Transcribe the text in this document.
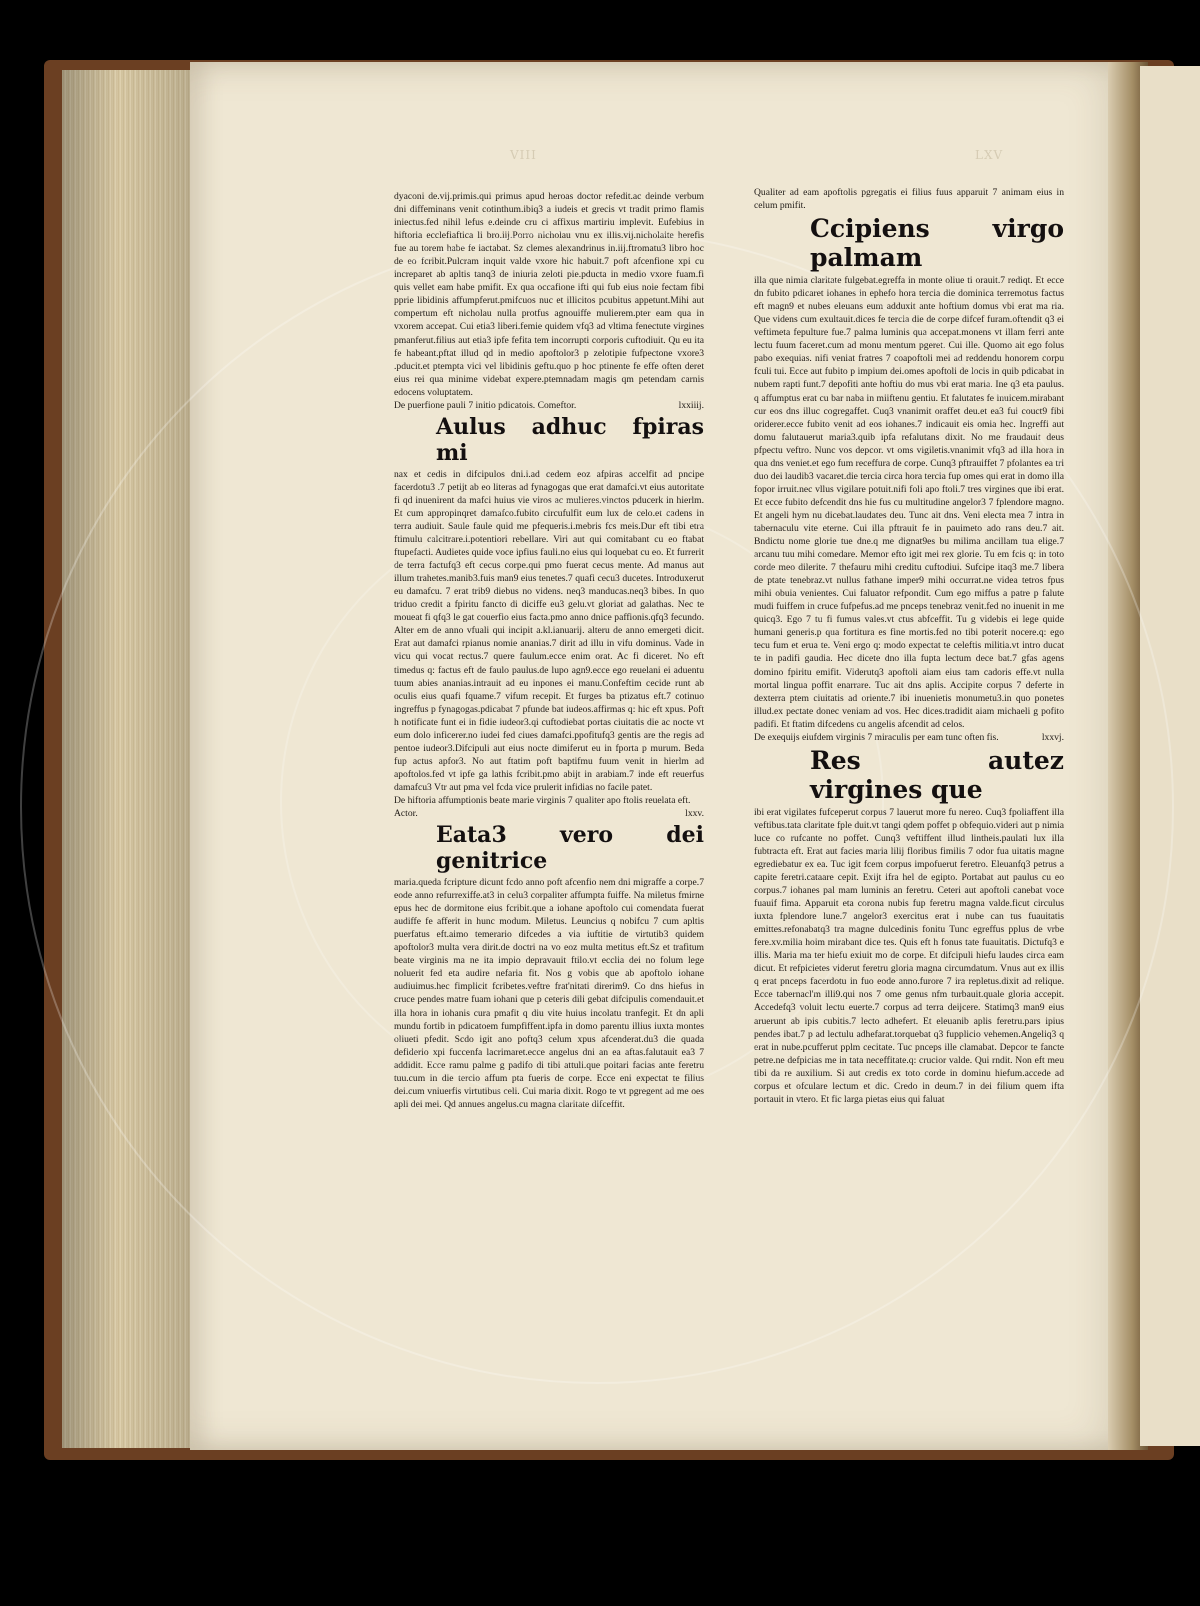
VIII	LXV

dyaconi de.vij.primis.qui primus apud heroas doctor refedit.ac deinde verbum dni diffeminans venit cotinthum.ibiq3 a iudeis et grecis vt tradit primo flamis iniectus.fed nihil lefus e.deinde cru ci affixus martiriu implevit. Eufebius in hiftoria ecclefiaftica li bro.iij.Porro nicholau vnu ex illis.vij.nicholaite herefis fue au torem habe fe iactabat. Sz clemes alexandrinus in.iij.ftromatu3 libro hoc de eo fcribit.Pulcram inquit valde vxore hic habuit.7 poft afcenfione xpi cu increparet ab apltis tanq3 de iniuria zeloti pie.pducta in medio vxore fuam.fi quis vellet eam habe pmifit. Ex qua occafione ifti qui fub eius noie fectam fibi pprie libidinis affumpferut.pmifcuos nuc et illicitos pcubitus appetunt.Mihi aut compertum eft nicholau nulla protfus agnouiffe mulierem.pter eam qua in vxorem accepat. Cui etia3 liberi.femie quidem vfq3 ad vltima fenectute virgines pmanferut.filius aut etia3 ipfe fefita tem incorrupti corporis cuftodiuit. Qu eu ita fe habeant.pftat illud qd in medio apoftolor3 p zelotipie fufpectone vxore3 .pducit.et ptempta vici vel libidinis geftu.quo p hoc ptinente fe effe often deret eius rei qua minime videbat expere.ptemnadam magis qm petendam carnis edocens voluptatem.

De puerfione pauli 7 initio pdicatois. Comeftor.	lxxiiij.

Aulus adhuc fpiras mi

nax et cedis in difcipulos dni.i.ad cedem eoz afpiras accelfit ad pncipe facerdotu3 .7 petijt ab eo literas ad fynagogas que erat damafci.vt eius autoritate fi qd inuenirent da mafci huius vie viros ac mulieres.vinctos pducerk in hierlm. Et cum appropinqret damafco.fubito circufulfit eum lux de celo.et cadens in terra audiuit. Saule faule quid me pfequeris.i.mebris fcs meis.Dur eft tibi etra ftimulu calcitrare.i.potentiori rebellare. Viri aut qui comitabant cu eo ftabat ftupefacti. Audietes quide voce ipfius fauli.no eius qui loquebat cu eo. Et furrerit de terra factufq3 eft cecus corpe.qui pmo fuerat cecus mente. Ad manus aut illum trahetes.manib3.fuis man9 eius tenetes.7 quafi cecu3 ducetes. Introduxerut eu damafcu. 7 erat trib9 diebus no videns. neq3 manducas.neq3 bibes. In quo triduo credit a fpiritu fancto di diciffe eu3 gelu.vt gloriat ad galathas. Nec te moueat fi qfq3 le gat couerfio eius facta.pmo anno dnice paffionis.qfq3 fecundo. Alter em de anno vfuali qui incipit a.kl.ianuarij. alteru de anno emergeti dicit. Erat aut damafci rpianus nomie ananias.7 dirit ad illu in vifu dominus. Vade in vicu qui vocat rectus.7 quere faulum.ecce enim orat. Ac fi diceret. No eft timedus q: factus eft de faulo paulus.de lupo agn9.ecce ego reuelani ei aduentu tuum abies ananias.intrauit ad eu inpones ei manu.Confeftim cecide runt ab oculis eius quafi fquame.7 vifum recepit. Et furges ba ptizatus eft.7 cotinuo ingreffus p fynagogas.pdicabat 7 pfunde bat iudeos.affirmas q: hic eft xpus. Poft h notificate funt ei in fidie iudeor3.qi cuftodiebat portas ciuitatis die ac nocte vt eum dolo inficerer.no iudei fed ciues damafci.ppofitufq3 gentis are the regis ad pentoe iudeor3.Difcipuli aut eius nocte dimiferut eu in fporta p murum. Beda fup actus apfor3. No aut ftatim poft baptifmu fuum venit in hierlm ad apoftolos.fed vt ipfe ga lathis fcribit.pmo abijt in arabiam.7 inde eft reuerfus damafcu3 Vtr aut pma vel fcda vice prulerit infidias no facile patet.

De hiftoria affumptionis beate marie virginis 7 qualiter apo ftolis reuelata eft. Actor.	lxxv.

Eata3 vero dei genitrice

maria.queda fcripture dicunt fcdo anno poft afcenfio nem dni migraffe a corpe.7 eode anno refurrexiffe.at3 in celu3 corpaliter affumpta fuiffe. Na miletus fmirne epus hec de dormitone eius fcribit.que a iohane apoftolo cui comendata fuerat audiffe fe afferit in hunc modum. Miletus. Leuncius q nobifcu 7 cum apltis puerfatus eft.aimo temerario difcedes a via iuftitie de virtutib3 quidem apoftolor3 multa vera dirit.de doctri na vo eoz multa metitus eft.Sz et trafitum beate virginis ma ne ita impio depravauit ftilo.vt ecclia dei no folum lege noluerit fed eta audire nefaria fit. Nos g vobis que ab apoftolo iohane audiuimus.hec fimplicit fcribetes.veftre frat'nitati direrim9. Co dns hiefus in cruce pendes matre fuam iohani que p ceteris dili gebat difcipulis comendauit.et illa hora in iohanis cura pmafit q diu vite huius incolatu tranfegit. Et dn apli mundu fortib in pdicatoem fumpfiffent.ipfa in domo parentu illius iuxta montes oliueti pfedit. Scdo igit ano poftq3 celum xpus afcenderat.du3 die quada defiderio xpi fuccenfa lacrimaret.ecce angelus dni an ea aftas.falutauit ea3 7 addidit. Ecce ramu palme g padifo di tibi attuli.que poitari facias ante feretru tuu.cum in die tercio affum pta fueris de corpe. Ecce eni expectat te filius dei.cum vniuerfis virtutibus celi. Cui maria dixit. Rogo te vt pgregent ad me oes apli dei mei. Qd annues angelus.cu magna claritate difceffit.

Qualiter ad eam apoftolis pgregatis ei filius fuus apparuit 7 animam eius in celum pmifit.

Ccipiens virgo palmam

illa que nimia claritate fulgebat.egreffa in monte oliue ti orauit.7 rediqt. Et ecce dn fubito pdicaret iohanes in ephefo hora tercia die dominica terremotus factus eft magn9 et nubes eleuans eum adduxit ante hoftium domus vbi erat ma ria. Que videns cum exultauit.dices fe tercia die de corpe difcef furam.oftendit q3 ei veftimeta fepulture fue.7 palma luminis qua accepat.monens vt illam ferri ante lectu fuum faceret.cum ad monu mentum pgeret. Cui ille. Quomo ait ego folus pabo exequias. nifi veniat fratres 7 coapoftoli mei ad reddendu honorem corpu fculi tui. Ecce aut fubito p impium dei.omes apoftoli de locis in quib pdicabat in nubem rapti funt.7 depofiti ante hoftiu do mus vbi erat maria. Ine q3 eta paulus. q affumptus erat cu bar naba in miiftenu gentiu. Et falutates fe inuicem.mirabant cur eos dns illuc cogregaffet. Cuq3 vnanimit oraffet deu.et ea3 fui couct9 fibi oriderer.ecce fubito venit ad eos iohanes.7 indicauit eis omia hec. Ingreffi aut domu falutauerut maria3.quib ipfa refalutans dixit. No me fraudauit deus pfpectu veftro. Nunc vos depcor. vt oms vigiletis.vnanimit vfq3 ad illa hora in qua dns veniet.et ego fum receffura de corpe. Cunq3 pftrauiffet 7 pfolantes ea tri duo dei laudib3 vacaret.die tercia circa hora tercia fup omes qui erat in domo illa fopor irruit.nec vllus vigilare potuit.nifi foli apo ftoli.7 tres virgines que ibi erat. Et ecce fubito defcendit dns hie fus cu multitudine angelor3 7 fplendore magno. Et angeli hym nu dicebat.laudates deu. Tunc ait dns. Veni electa mea 7 intra in tabernaculu vite eterne. Cui illa pftrauit fe in pauimeto ado rans deu.7 ait. Bndictu nome glorie tue dne.q me dignat9es bu milima ancillam tua elige.7 arcanu tuu mihi comedare. Memor efto igit mei rex glorie. Tu em fcis q: in toto corde meo dilerite. 7 thefauru mihi creditu cuftodiui. Sufcipe itaq3 me.7 libera de ptate tenebraz.vt nullus fathane imper9 mihi occurrat.ne videa tetros fpus mihi obuia venientes. Cui faluator refpondit. Cum ego miffus a patre p falute mudi fuiffem in cruce fufpefus.ad me pnceps tenebraz venit.fed no inuenit in me quicq3. Ego 7 tu fi fumus vales.vt ctus abfceffit. Tu g videbis ei lege quide humani generis.p qua fortitura es fine mortis.fed no tibi poterit nocere.q: ego tecu fum et erua te. Veni ergo q: modo expectat te celeftis militia.vt intro ducat te in padifi gaudia. Hec dicete dno illa fupta lectum dece bat.7 gfas agens domino fpiritu emifit. Viderutq3 apoftoli aiam eius tam cadoris effe.vt nulla mortal lingua poffit enarrare. Tuc ait dns aplis. Accipite corpus 7 deferte in dexterra ptem ciuitatis ad oriente.7 ibi inuenietis monumetu3.in quo ponetes illud.ex pectate donec veniam ad vos. Hec dices.tradidit aiam michaeli g pofito padifi. Et ftatim difcedens cu angelis afcendit ad celos.

De exequijs eiufdem virginis 7 miraculis per eam tunc often fis.	lxxvj.

Res autez virgines que

ibi erat vigilates fufceperut corpus 7 lauerut more fu nereo. Cuq3 fpoliaffent illa veftibus.tata claritate fple duit.vt tangi qdem poffet p obfequio.videri aut p nimia luce co rufcante no poffet. Cunq3 veftiffent illud lintheis.paulati lux illa fubtracta eft. Erat aut facies maria lilij floribus fimilis 7 odor fua uitatis magne egrediebatur ex ea. Tuc igit fcem corpus impofuerut feretro. Eleuanfq3 petrus a capite feretri.cataare cepit. Exijt ifra hel de egipto. Portabat aut paulus cu eo corpus.7 iohanes pal mam luminis an feretru. Ceteri aut apoftoli canebat voce fuauif fima. Apparuit eta corona nubis fup feretru magna valde.ficut circulus iuxta fplendore lune.7 angelor3 exercitus erat i nube can tus fuauitatis emittes.refonabatq3 tra magne dulcedinis fonitu Tunc egreffus pplus de vrbe fere.xv.milia hoim mirabant dice tes. Quis eft h fonus tate fuauitatis. Dictufq3 e illis. Maria ma ter hiefu exiuit mo de corpe. Et difcipuli hiefu laudes circa eam dicut. Et refpicietes viderut feretru gloria magna circumdatum. Vnus aut ex illis q erat pnceps facerdotu in fuo eode anno.furore 7 ira repletus.dixit ad relique. Ecce tabernacl'm illi9.qui nos 7 ome genus nfm turbauit.quale gloria accepit. Accedefq3 voluit lectu euerte.7 corpus ad terra deijcere. Statimq3 man9 eius aruerunt ab ipis cubitis.7 lecto adhefert. Et eleuanib aplis feretru.pars ipius pendes ibat.7 p ad lectulu adhefarat.torquebat q3 fupplicio vehemen.Angeliq3 q erat in nube.pcufferut pplm cecitate. Tuc pnceps ille clamabat. Depcor te fancte petre.ne defpicias me in tata neceffitate.q: crucior valde. Qui rndit. Non eft meu tibi da re auxilium. Si aut credis ex toto corde in dominu hiefum.accede ad corpus et ofculare lectum et dic. Credo in deum.7 in dei filium quem ifta portauit in vtero. Et fic larga pietas eius qui faluat
